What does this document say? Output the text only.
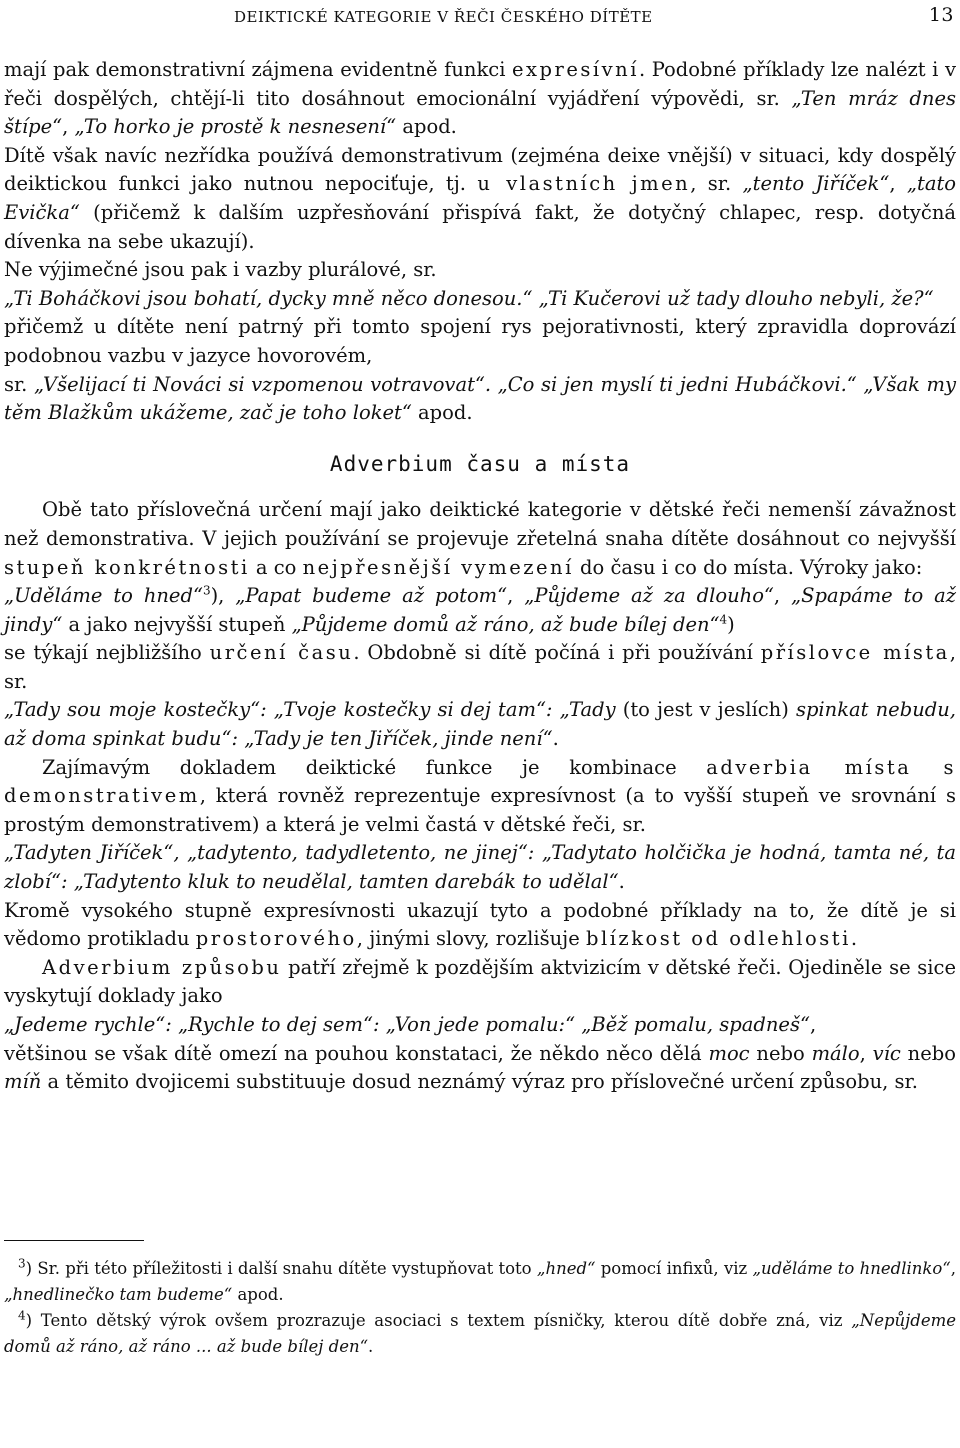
DEIKTICKÉ KATEGORIE V ŘEČI ČESKÉHO DÍTĚTE	13

mají pak demonstrativní zájmena evidentně funkci expresívní. Podobné příklady lze nalézt i v řeči dospělých, chtějí-li tito dosáhnout emocionální vyjádření výpovědi, sr. „Ten mráz dnes štípe“, „To horko je prostě k nesnesení“ apod.

Dítě však navíc nezřídka používá demonstrativum (zejména deixe vnější) v situaci, kdy dospělý deiktickou funkci jako nutnou nepociťuje, tj. u vlastních jmen, sr. „tento Jiříček“, „tato Evička“ (přičemž k dalším uzpřesňování přispívá fakt, že dotyčný chlapec, resp. dotyčná dívenka na sebe ukazují).

Ne výjimečné jsou pak i vazby plurálové, sr.

„Ti Boháčkovi jsou bohatí, dycky mně něco donesou.“ „Ti Kučerovi už tady dlouho nebyli, že?“

přičemž u dítěte není patrný při tomto spojení rys pejorativnosti, který zpravidla doprovází podobnou vazbu v jazyce hovorovém,

sr. „Všelijací ti Nováci si vzpomenou votravovat“. „Co si jen myslí ti jedni Hubáčkovi.“ „Však my těm Blažkům ukážeme, zač je toho loket“ apod.

Adverbium času a místa

Obě tato příslovečná určení mají jako deiktické kategorie v dětské řeči nemenší závažnost než demonstrativa. V jejich používání se projevuje zřetelná snaha dítěte dosáhnout co nejvyšší stupeň konkrétnosti a co nejpřesnější vymezení do času i co do místa. Výroky jako:

„Uděláme to hned“$^3$), „Papat budeme až potom“, „Půjdeme až za dlouho“, „Spapáme to až jindy“ a jako nejvyšší stupeň „Půjdeme domů až ráno, až bude bílej den“$^4$)

se týkají nejbližšího určení času. Obdobně si dítě počíná i při používání příslovce místa, sr.

„Tady sou moje kostečky“: „Tvoje kostečky si dej tam“: „Tady (to jest v jeslích) spinkat nebudu, až doma spinkat budu“: „Tady je ten Jiříček, jinde není“.

Zajímavým dokladem deiktické funkce je kombinace adverbia místa s demonstrativem, která rovněž reprezentuje expresívnost (a to vyšší stupeň ve srovnání s prostým demonstrativem) a která je velmi častá v dětské řeči, sr.

„Tadyten Jiříček“, „tadytento, tadydletento, ne jinej“: „Tadytato holčička je hodná, tamta né, ta zlobí“: „Tadytento kluk to neudělal, tamten darebák to udělal“.

Kromě vysokého stupně expresívnosti ukazují tyto a podobné příklady na to, že dítě je si vědomo protikladu prostorového, jinými slovy, rozlišuje blízkost od odlehlosti.

Adverbium způsobu patří zřejmě k pozdějším aktvizicím v dětské řeči. Ojediněle se sice vyskytují doklady jako

„Jedeme rychle“: „Rychle to dej sem“: „Von jede pomalu:“ „Běž pomalu, spadneš“,

většinou se však dítě omezí na pouhou konstataci, že někdo něco dělá moc nebo málo, víc nebo míň a těmito dvojicemi substituuje dosud neznámý výraz pro příslovečné určení způsobu, sr.

$^3$) Sr. při této příležitosti i další snahu dítěte vystupňovat toto „hned“ pomocí infixů, viz „uděláme to hnedlinko“, „hnedlinečko tam budeme“ apod.

$^4$) Tento dětský výrok ovšem prozrazuje asociaci s textem písničky, kterou dítě dobře zná, viz „Nepůjdeme domů až ráno, až ráno ... až bude bílej den“.
